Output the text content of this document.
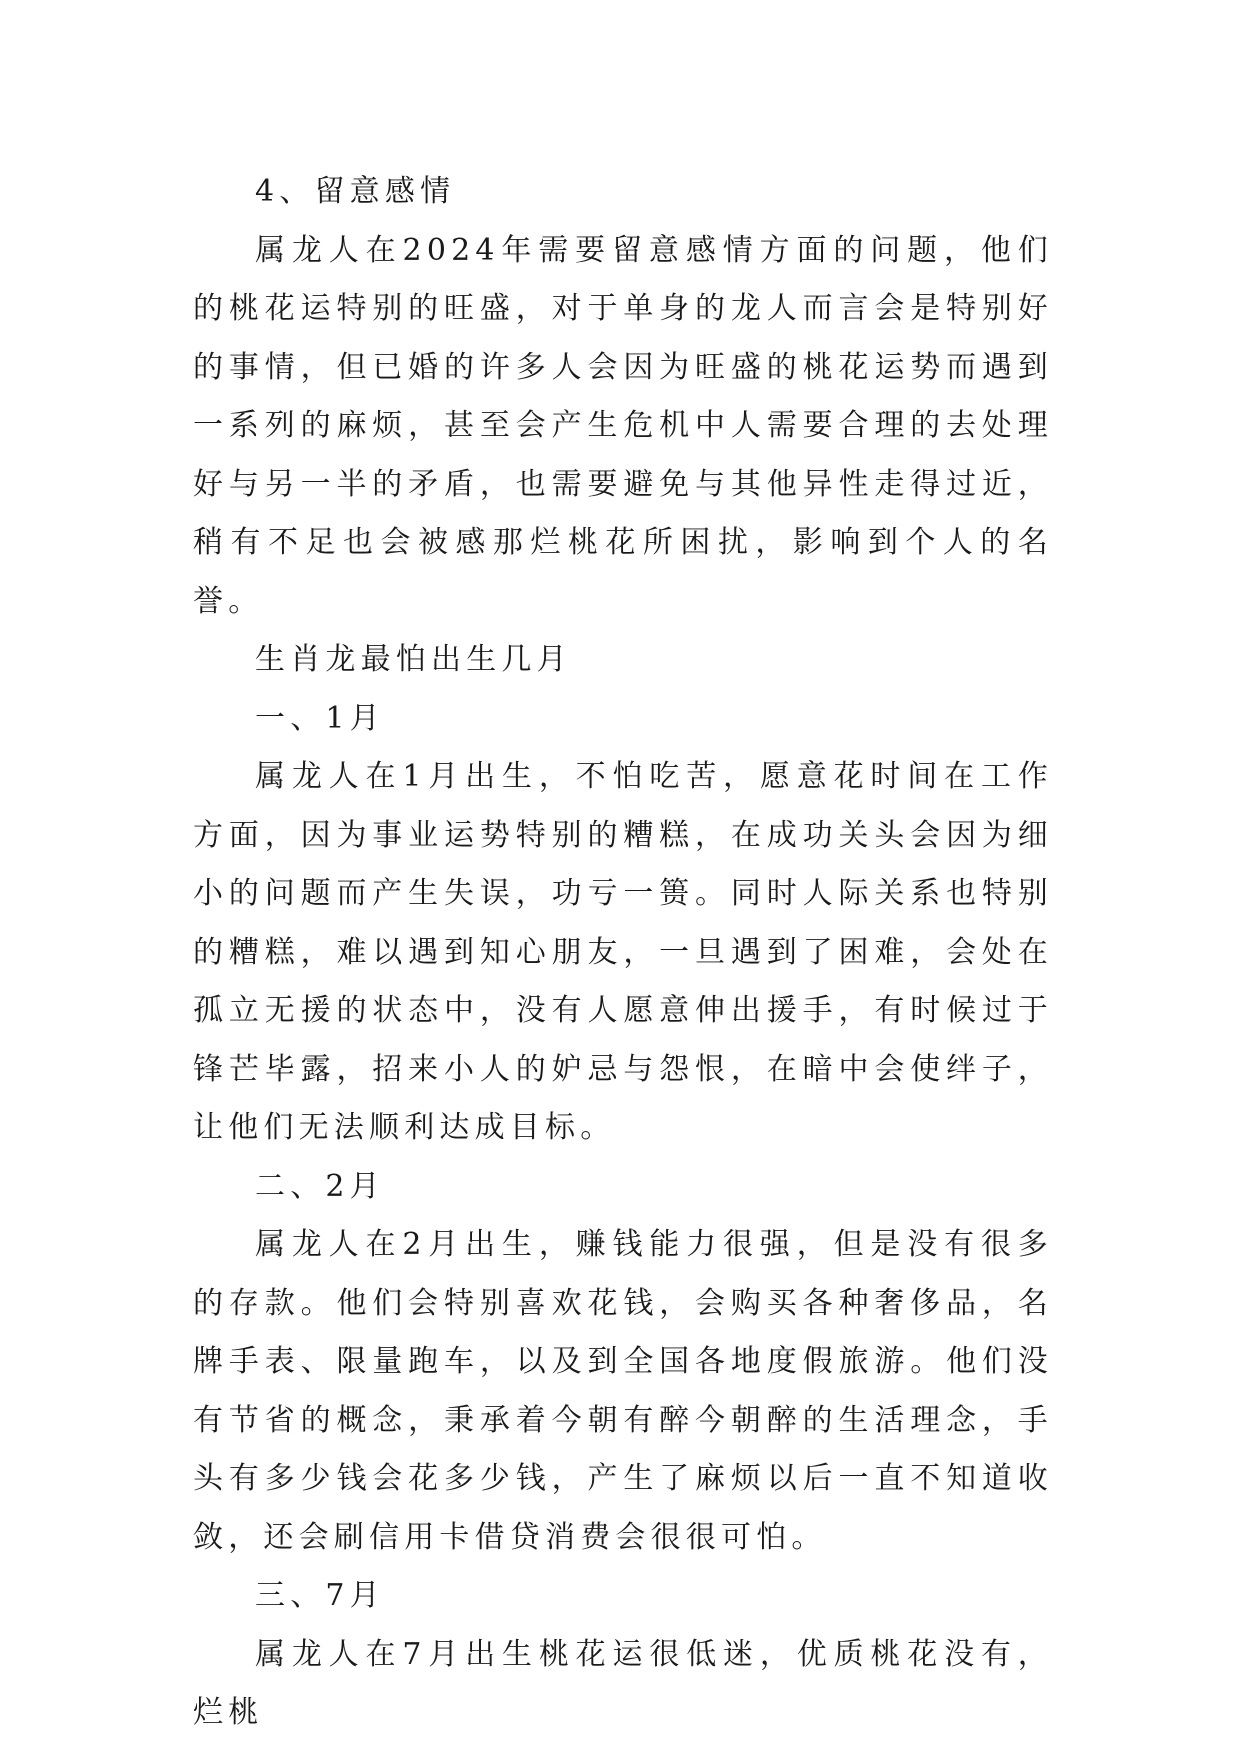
4、留意感情

属龙人在2024年需要留意感情方面的问题，他们的桃花运特别的旺盛，对于单身的龙人而言会是特别好的事情，但已婚的许多人会因为旺盛的桃花运势而遇到一系列的麻烦，甚至会产生危机中人需要合理的去处理好与另一半的矛盾，也需要避免与其他异性走得过近，稍有不足也会被感那烂桃花所困扰，影响到个人的名誉。

生肖龙最怕出生几月

一、1月

属龙人在1月出生，不怕吃苦，愿意花时间在工作方面，因为事业运势特别的糟糕，在成功关头会因为细小的问题而产生失误，功亏一篑。同时人际关系也特别的糟糕，难以遇到知心朋友，一旦遇到了困难，会处在孤立无援的状态中，没有人愿意伸出援手，有时候过于锋芒毕露，招来小人的妒忌与怨恨，在暗中会使绊子，让他们无法顺利达成目标。

二、2月

属龙人在2月出生，赚钱能力很强，但是没有很多的存款。他们会特别喜欢花钱，会购买各种奢侈品，名牌手表、限量跑车，以及到全国各地度假旅游。他们没有节省的概念，秉承着今朝有醉今朝醉的生活理念，手头有多少钱会花多少钱，产生了麻烦以后一直不知道收敛，还会刷信用卡借贷消费会很很可怕。

三、7月

属龙人在7月出生桃花运很低迷，优质桃花没有，烂桃
